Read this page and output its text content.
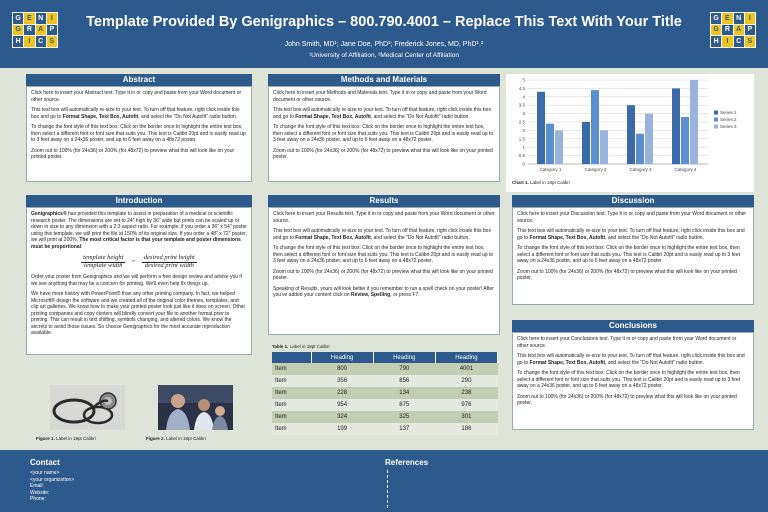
G E N	I
G R A P
H	I	C S
Template Provided By Genigraphics – 800.790.4001 – Replace This Text With Your Title
John Smith, MD¹; Jane Doe, PhD²; Frederick Jones, MD, PhD¹˒²
¹University of Affiliation, ²Medical Center of Affiliation
G E N	I
G R A P
H	I	C S
Abstract

Click here to insert your Abstract text. Type it in or copy and paste from your Word document or other source.

This text box will automatically re-size to your text. To turn off that feature, right click inside this box and go to Format Shape, Text Box, Autofit, and select the "Do Not Autofit" radio button.

To change the font style of this text box: Click on the border once to highlight the entire text box, then select a different font or font size that suits you. This text is Calibri 20pt and is easily read up to 3 feet away on a 24x36 poster, and up to 6 feet away on a 48x72 poster.

Zoom out to 100% (for 24x36) or 200% (for 48x72) to preview what this will look like on your printed poster.

Methods and Materials

Click here to insert your Methods and Materials text. Type it in or copy and paste from your Word document or other source.

This text box will automatically re-size to your text. To turn off that feature, right click inside this box and go to Format Shape, Text Box, Autofit, and select the "Do Not Autofit" radio button.

To change the font style of this text box: Click on the border once to highlight the entire text box, then select a different font or font size that suits you. This text is Calibri 20pt and is easily read up to 3 feet away on a 24x36 poster, and up to 6 feet away on a 48x72 poster.

Zoom out to 100% (for 24x36) or 200% (for 48x72) to preview what this will look like on your printed poster.

0
0.5
1
1.5
2
2.5
3
3.5
4
4.5
5
Category 1	Category 2	Category 3	Category 4
Series 1
Series 2
Series 3
Chart 1. Label in 18pt Calibri
Introduction

Genigraphics® has provided this template to assist in preparation of a medical or scientific research poster. The dimensions are set to 24" high by 36" wide but prints can be scaled up or down in size to any dimension with a 2:3 aspect ratio. For example, if you order a 36" x 54" poster using this template, we will print the file at 150% of its original size. If you order a 48" x 72" poster, we will print at 200%. The most critical factor is that your template and poster dimensions must be proportional:

$\frac{\text{template height}}{\text{template width}} = \frac{\text{desired print height}}{\text{desired print width}}$

Order your poster from Genigraphics and we will perform a free design review and advise you if we see anything that may be a concern for printing. We'll even help fix things up.

We have more history with PowerPoint® than any other printing company. In fact, we helped Microsoft® design the software and we created all of the original color themes, templates, and clip art galleries. We know how to make your printed poster look just like it does on screen. Other printing companies and copy centers will blindly convert your file to another format prior to printing. This can result in text shifting, symbols changing, and altered colors. We know the secrets to avoid those issues. So choose Genigraphics for the most accurate reproduction available.

Results

Click here to insert your Results text. Type it in or copy and paste from your Word document or other source.

This text box will automatically re-size to your text. To turn off that feature, right click inside this box and go to Format Shape, Text Box, Autofit, and select the "Do Not Autofit" radio button.

To change the font style of this text box: Click on the border once to highlight the entire text box, then select a different font or font size that suits you. This text is Calibri 20pt and is easily read up to 3 feet away on a 24x36 poster, and up to 6 feet away on a 48x72 poster.

Zoom out to 100% (for 24x36) or 200% (for 48x72) to preview what this will look like on your printed poster.

Speaking of Results, yours will look better if you remember to run a spell check on your poster! After you've added your content click on Review, Spelling, or press F7.

Discussion

Click here to insert your Discussion text. Type it in or copy and paste from your Word document or other source.

This text box will automatically re-size to your text. To turn off that feature, right click inside this box and go to Format Shape, Text Box, Autofit, and select the "Do Not Autofit" radio button.

To change the font style of this text box: Click on the border once to highlight the entire text box, then select a different font or font size that suits you. This text is Calibri 20pt and is easily read up to 3 feet away on a 24x36 poster, and up to 6 feet away on a 48x72 poster.

Zoom out to 100% (for 24x36) or 200% (for 48x72) to preview what this will look like on your printed poster.

Conclusions

Click here to insert your Conclusions text. Type it in or copy and paste from your Word document or other source.

This text box will automatically re-size to your text. To turn off that feature, right click inside this box and go to Format Shape, Text Box, Autofit, and select the "Do Not Autofit" radio button.

To change the font style of this text box: Click on the border once to highlight the entire text box, then select a different font or font size that suits you. This text is Calibri 20pt and is easily read up to 3 feet away on a 24x36 poster, and up to 6 feet away on a 48x72 poster.

Zoom out to 100% (for 24x36) or 200% (for 48x72) to preview what this will look like on your printed poster.

Table 1. Label in 18pt Calibri
	Heading	Heading	Heading
Item	800	790	4001
Item	356	856	290
Item	228	134	238
Item	954	875	976
Item	324	325	301
Item	199	137	186
Figure 1. Label in 18pt Calibri	Figure 2. Label in 18pt Calibri
Contact
<your name>
<your organization>
Email:
Website:
Phone:
References
